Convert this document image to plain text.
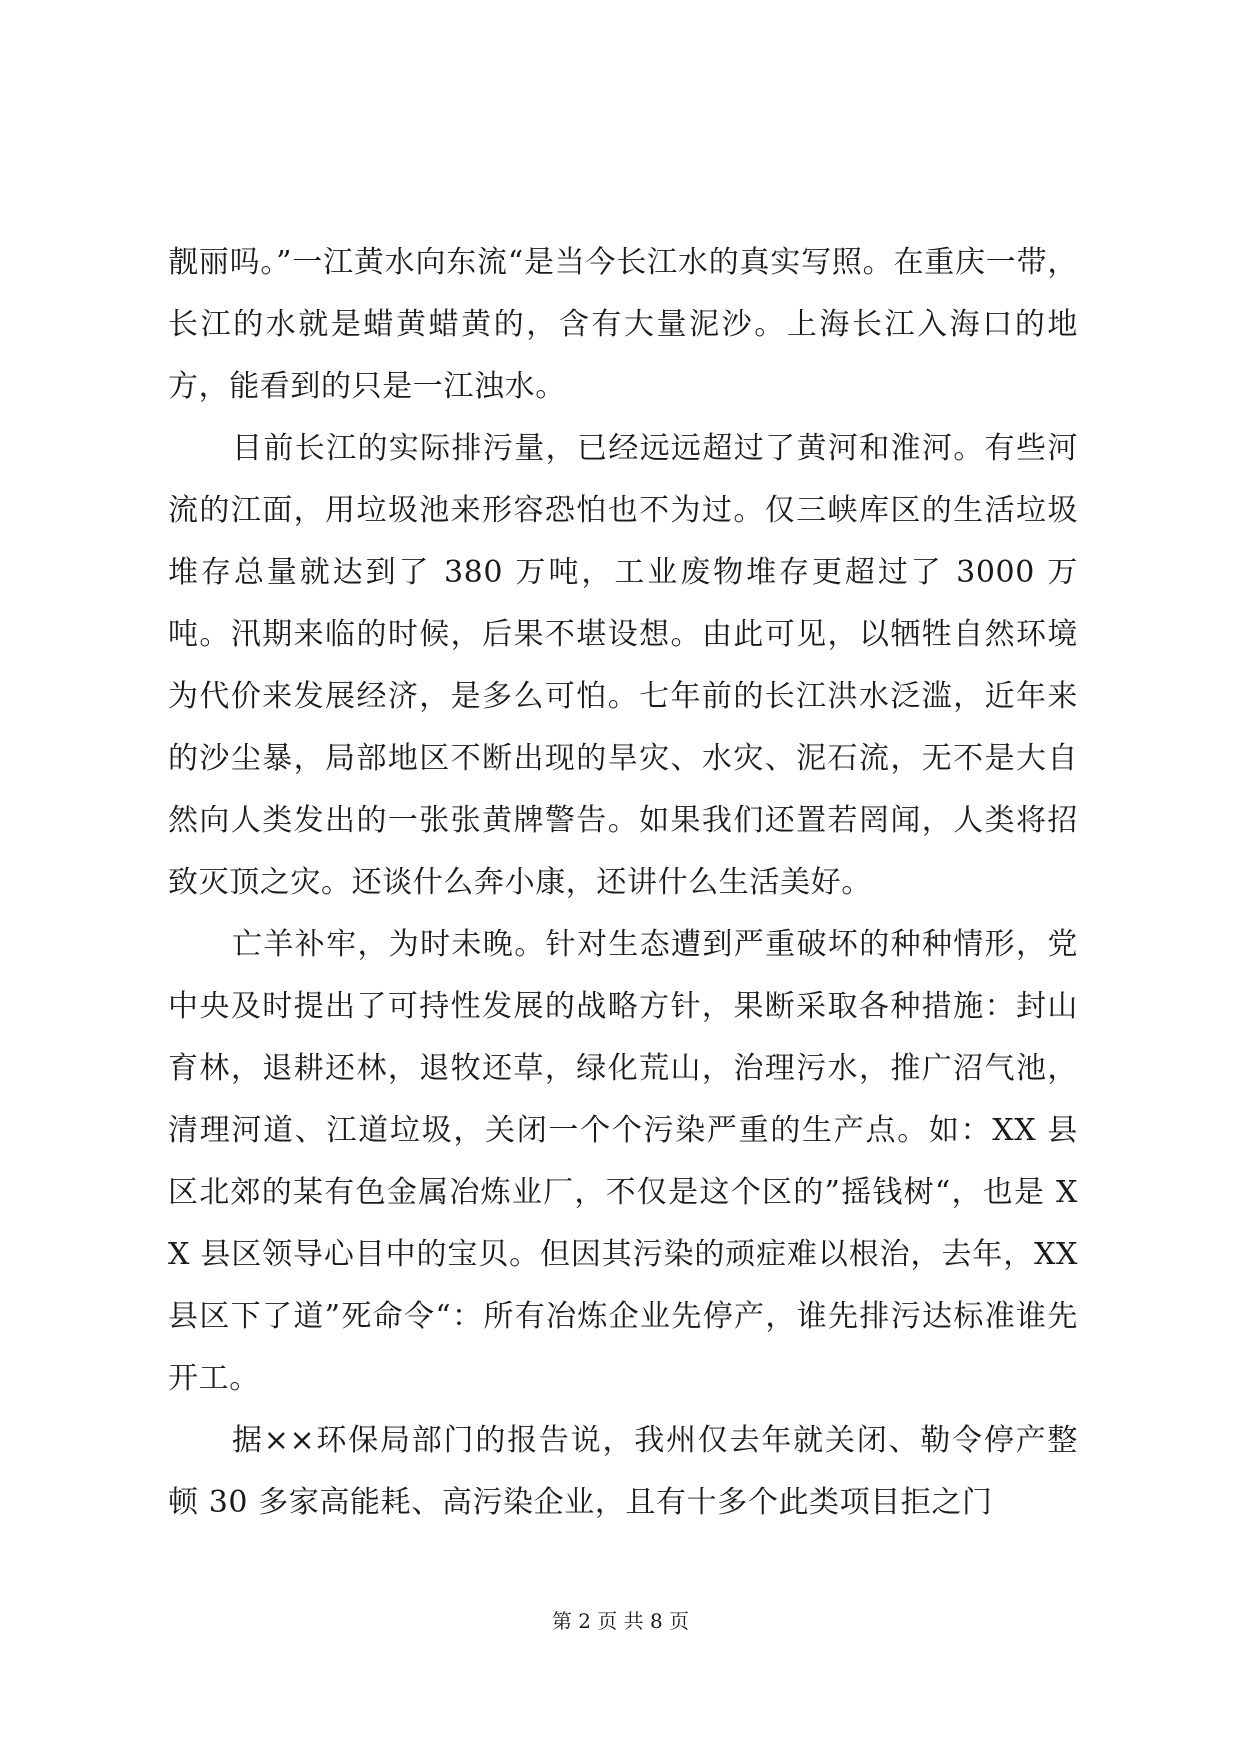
靓丽吗。”一江黄水向东流“是当今长江水的真实写照。在重庆一带，长江的水就是蜡黄蜡黄的，含有大量泥沙。上海长江入海口的地方，能看到的只是一江浊水。

目前长江的实际排污量，已经远远超过了黄河和淮河。有些河流的江面，用垃圾池来形容恐怕也不为过。仅三峡库区的生活垃圾堆存总量就达到了 380 万吨，工业废物堆存更超过了 3000 万吨。汛期来临的时候，后果不堪设想。由此可见，以牺牲自然环境为代价来发展经济，是多么可怕。七年前的长江洪水泛滥，近年来的沙尘暴，局部地区不断出现的旱灾、水灾、泥石流，无不是大自然向人类发出的一张张黄牌警告。如果我们还置若罔闻，人类将招致灭顶之灾。还谈什么奔小康，还讲什么生活美好。

亡羊补牢，为时未晚。针对生态遭到严重破坏的种种情形，党中央及时提出了可持性发展的战略方针，果断采取各种措施：封山育林，退耕还林，退牧还草，绿化荒山，治理污水，推广沼气池，清理河道、江道垃圾，关闭一个个污染严重的生产点。如：XX 县区北郊的某有色金属冶炼业厂，不仅是这个区的”摇钱树“，也是 XX 县区领导心目中的宝贝。但因其污染的顽症难以根治，去年，XX 县区下了道”死命令“：所有冶炼企业先停产，谁先排污达标准谁先开工。

据××环保局部门的报告说，我州仅去年就关闭、勒令停产整顿 30 多家高能耗、高污染企业，且有十多个此类项目拒之门

第 2 页 共 8 页
